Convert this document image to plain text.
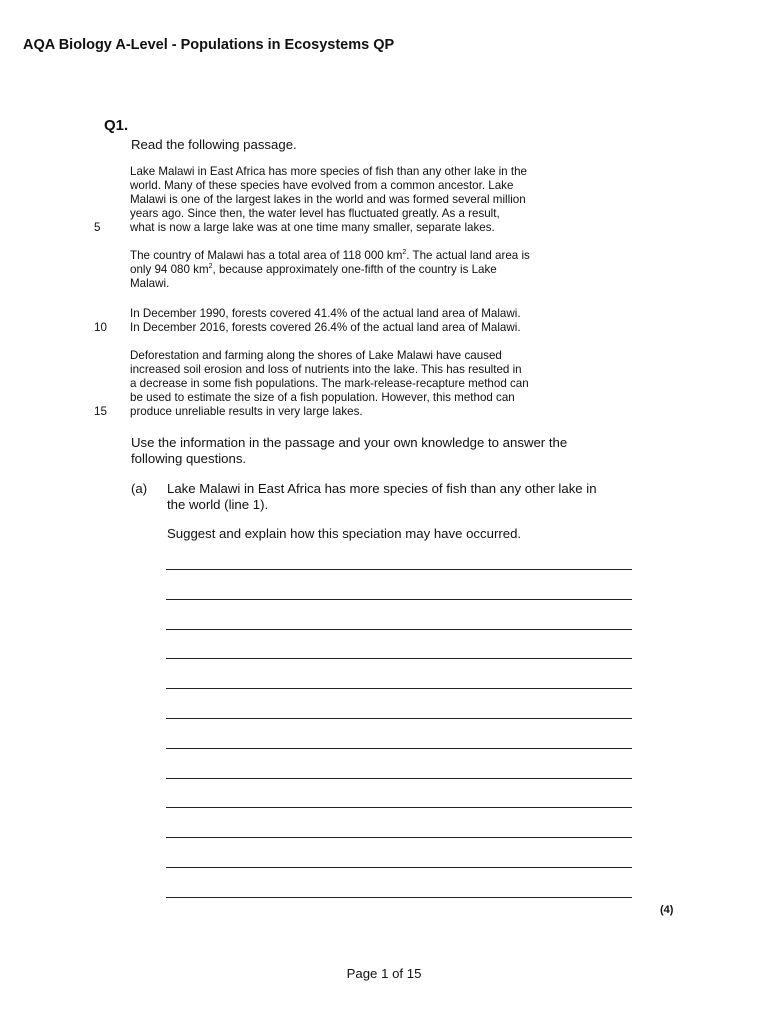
AQA Biology A-Level - Populations in Ecosystems QP
Q1.
Read the following passage.
Lake Malawi in East Africa has more species of fish than any other lake in the
world. Many of these species have evolved from a common ancestor. Lake
Malawi is one of the largest lakes in the world and was formed several million
years ago. Since then, the water level has fluctuated greatly. As a result,
what is now a large lake was at one time many smaller, separate lakes.
5
The country of Malawi has a total area of 118 000 $km^2$. The actual land area is
only 94 080 $km^2$, because approximately one-fifth of the country is Lake
Malawi.
In December 1990, forests covered 41.4% of the actual land area of Malawi.
In December 2016, forests covered 26.4% of the actual land area of Malawi.
10
Deforestation and farming along the shores of Lake Malawi have caused
increased soil erosion and loss of nutrients into the lake. This has resulted in
a decrease in some fish populations. The mark-release-recapture method can
be used to estimate the size of a fish population. However, this method can
produce unreliable results in very large lakes.
15
Use the information in the passage and your own knowledge to answer the
following questions.
(a) Lake Malawi in East Africa has more species of fish than any other lake in
the world (line 1).
Suggest and explain how this speciation may have occurred.
(4)
Page 1 of 15
